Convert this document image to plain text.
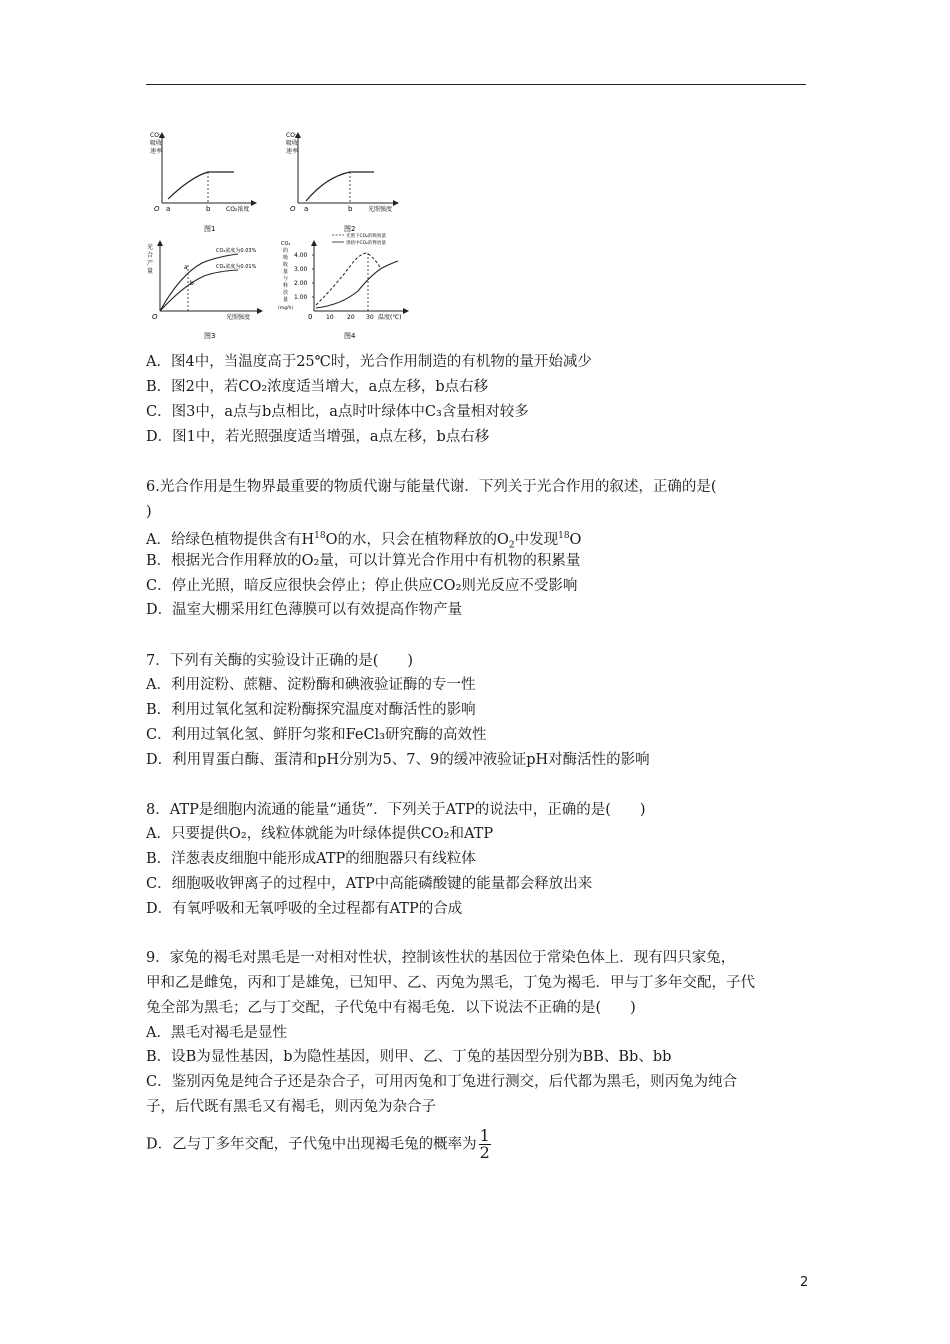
CO₂
吸收
速率
O a	b	CO₂浓度
图1
CO₂
吸收
速率
O a	b	光照强度
图2
光
合
产
量
a
b
CO₂浓度为0.03%
CO₂浓度为0.01%
O	光照强度
图3
CO₂
的
吸
收
量
与
释
放
量
(mg/h)
4.00
3.00
2.00
1.00
光照下CO₂的吸收量
黑暗中CO₂的释放量
0 10 20 30 温度(℃)
图4
A．图4中，当温度高于25℃时，光合作用制造的有机物的量开始减少
B．图2中，若CO₂浓度适当增大，a点左移，b点右移
C．图3中，a点与b点相比，a点时叶绿体中C₃含量相对较多
D．图1中，若光照强度适当增强，a点左移，b点右移
6.光合作用是生物界最重要的物质代谢与能量代谢．下列关于光合作用的叙述，正确的是(
)
A．给绿色植物提供含有$H^{18}O$的水，只会在植物释放的$O_2$中发现$^{18}$O
B．根据光合作用释放的O₂量，可以计算光合作用中有机物的积累量
C．停止光照，暗反应很快会停止；停止供应CO₂则光反应不受影响
D．温室大棚采用红色薄膜可以有效提高作物产量
7．下列有关酶的实验设计正确的是(　　)
A．利用淀粉、蔗糖、淀粉酶和碘液验证酶的专一性
B．利用过氧化氢和淀粉酶探究温度对酶活性的影响
C．利用过氧化氢、鲜肝匀浆和FeCl₃研究酶的高效性
D．利用胃蛋白酶、蛋清和pH分别为5、7、9的缓冲液验证pH对酶活性的影响
8．ATP是细胞内流通的能量“通货”．下列关于ATP的说法中，正确的是(　　)
A．只要提供O₂，线粒体就能为叶绿体提供CO₂和ATP
B．洋葱表皮细胞中能形成ATP的细胞器只有线粒体
C．细胞吸收钾离子的过程中，ATP中高能磷酸键的能量都会释放出来
D．有氧呼吸和无氧呼吸的全过程都有ATP的合成
9．家兔的褐毛对黑毛是一对相对性状，控制该性状的基因位于常染色体上．现有四只家兔，
甲和乙是雌兔，丙和丁是雄兔，已知甲、乙、丙兔为黑毛，丁兔为褐毛．甲与丁多年交配，子代
兔全部为黑毛；乙与丁交配，子代兔中有褐毛兔．以下说法不正确的是(　　)
A．黑毛对褐毛是显性
B．设B为显性基因，b为隐性基因，则甲、乙、丁兔的基因型分别为BB、Bb、bb
C．鉴别丙兔是纯合子还是杂合子，可用丙兔和丁兔进行测交，后代都为黑毛，则丙兔为纯合
子，后代既有黑毛又有褐毛，则丙兔为杂合子
D．乙与丁多年交配，子代兔中出现褐毛兔的概率为 $\frac{1}{2}$
2
